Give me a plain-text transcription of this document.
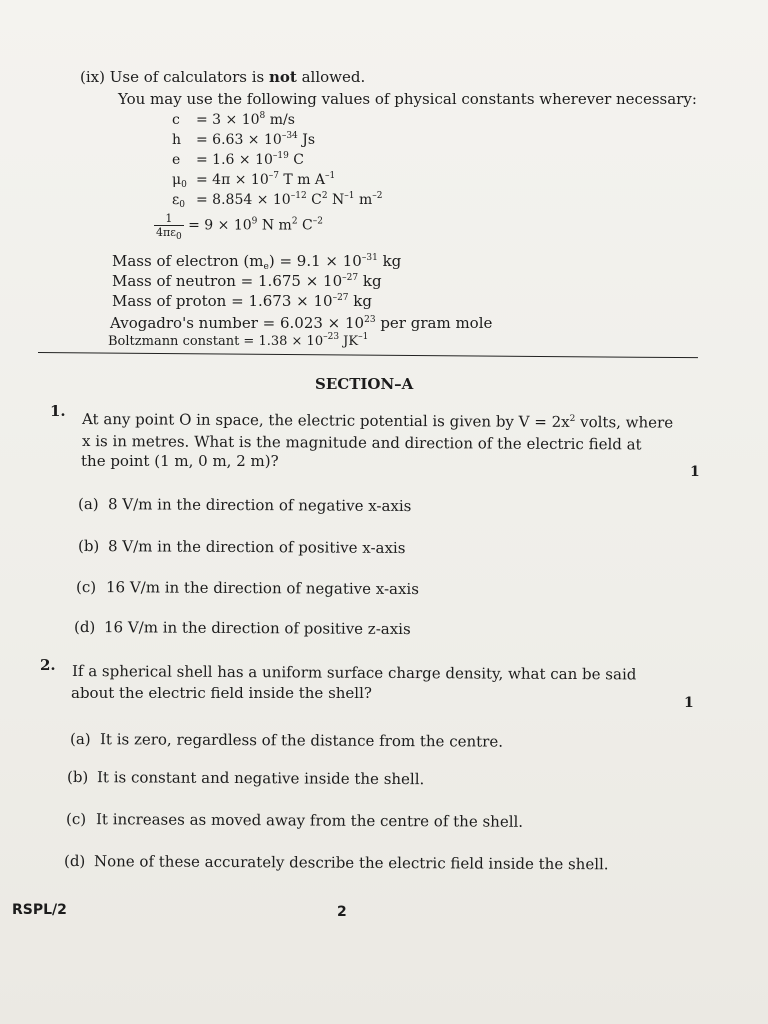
(ix) Use of calculators is not allowed.
You may use the following values of physical constants wherever necessary:
$c = 3 \times 10^8$ m/s
$h = 6.63 \times 10^{-34}$ Js
$e = 1.6 \times 10^{-19}$ C
$\mu_0 = 4\pi \times 10^{-7}$ T m $A^{-1}$
$\varepsilon_0 = 8.854 \times 10^{-12}$ $C^2$ $N^{-1}$ $m^{-2}$
$\frac{1}{4\pi\varepsilon_0} = 9 \times 10^9$ N $m^2$ $C^{-2}$
Mass of electron $(m_e) = 9.1 \times 10^{-31}$ kg
Mass of neutron = $1.675 \times 10^{-27}$ kg
Mass of proton = $1.673 \times 10^{-27}$ kg
Avogadro's number = $6.023 \times 10^{23}$ per gram mole
Boltzmann constant = $1.38 \times 10^{-23}$ $JK^{-1}$
SECTION–A
1. At any point O in space, the electric potential is given by $V = 2x^2$ volts, where
x is in metres. What is the magnitude and direction of the electric field at
the point (1 m, 0 m, 2 m)?
1
(a) 8 V/m in the direction of negative x-axis
(b) 8 V/m in the direction of positive x-axis
(c) 16 V/m in the direction of negative x-axis
(d) 16 V/m in the direction of positive z-axis
2. If a spherical shell has a uniform surface charge density, what can be said
about the electric field inside the shell?
1
(a) It is zero, regardless of the distance from the centre.
(b) It is constant and negative inside the shell.
(c) It increases as moved away from the centre of the shell.
(d) None of these accurately describe the electric field inside the shell.
RSPL/2	2
